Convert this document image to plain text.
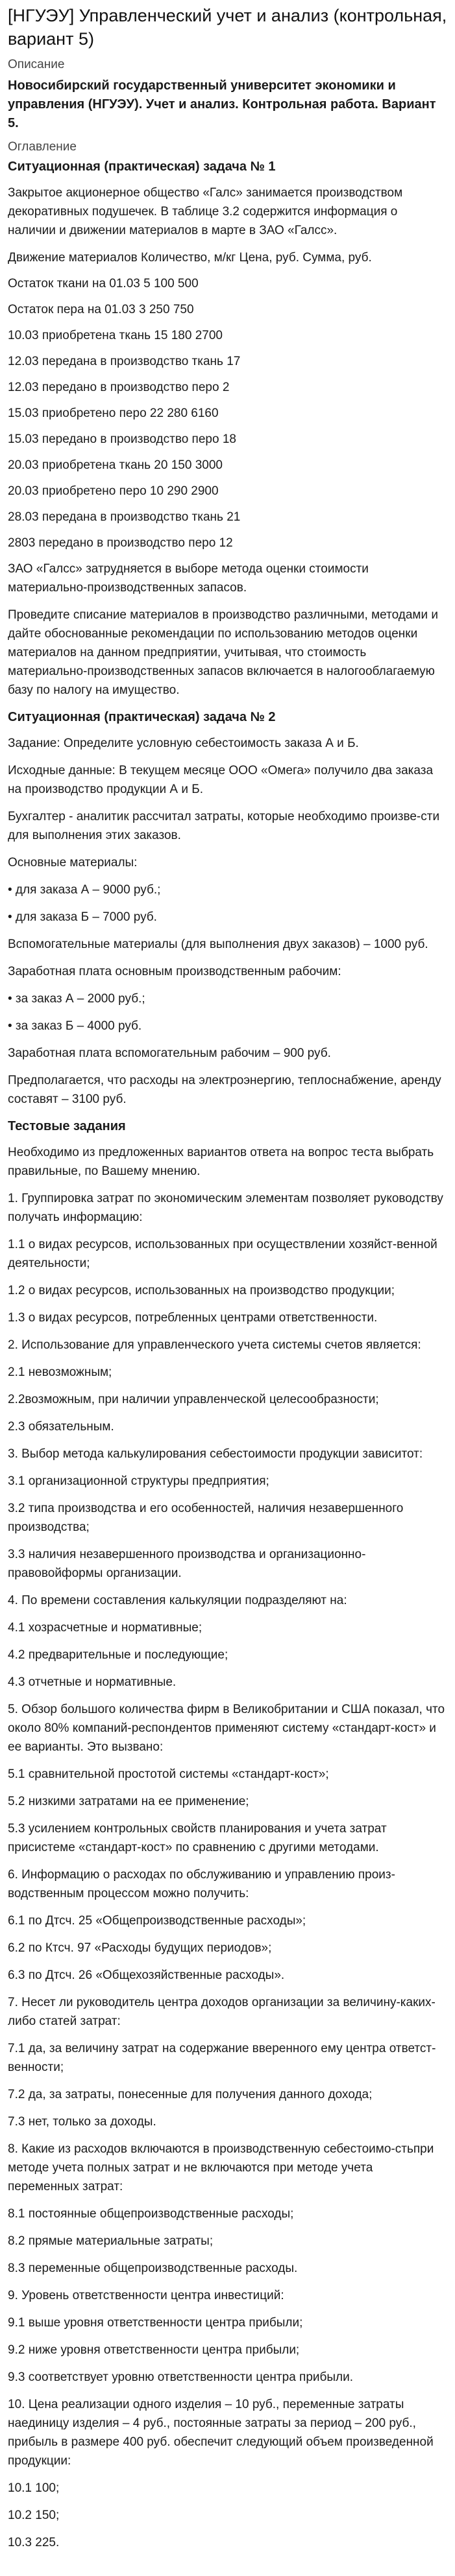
[НГУЭУ] Управленческий учет и анализ (контрольная, вариант 5)
Описание
Новосибирский государственный университет экономики и управления (НГУЭУ). Учет и анализ. Контрольная работа. Вариант 5.
Оглавление
Ситуационная (практическая) задача № 1

Закрытое акционерное общество «Галс» занимается производством декоративных подушечек. В таблице 3.2 содержится информация о наличии и движении материалов в марте в ЗАО «Галсс».

Движение материалов Количество, м/кг Цена, руб. Сумма, руб.

Остаток ткани на 01.03 5 100 500

Остаток пера на 01.03 3 250 750

10.03 приобретена ткань 15 180 2700

12.03 передана в производство ткань 17

12.03 передано в производство перо 2

15.03 приобретено перо 22 280 6160

15.03 передано в производство перо 18

20.03 приобретена ткань 20 150 3000

20.03 приобретено перо 10 290 2900

28.03 передана в производство ткань 21

2803 передано в производство перо 12

ЗАО «Галсс» затрудняется в выборе метода оценки стоимости материально-производственных запасов.

Проведите списание материалов в производство различными, методами и дайте обоснованные рекомендации по использованию методов оценки материалов на данном предприятии, учитывая, что стоимость материально-производственных запасов включается в налогооблагаемую базу по налогу на имущество.

Ситуационная (практическая) задача № 2

Задание: Определите условную себестоимость заказа А и Б.

Исходные данные: В текущем месяце ООО «Омега» получило два заказа на производство продукции А и Б.

Бухгалтер - аналитик рассчитал затраты, которые необходимо произве-сти для выполнения этих заказов.

Основные материалы:

• для заказа А – 9000 руб.;

• для заказа Б – 7000 руб.

Вспомогательные материалы (для выполнения двух заказов) – 1000 руб.

Заработная плата основным производственным рабочим:

• за заказ А – 2000 руб.;

• за заказ Б – 4000 руб.

Заработная плата вспомогательным рабочим – 900 руб.

Предполагается, что расходы на электроэнергию, теплоснабжение, аренду составят – 3100 руб.

Тестовые задания

Необходимо из предложенных вариантов ответа на вопрос теста выбрать правильные, по Вашему мнению.

1. Группировка затрат по экономическим элементам позволяет руководству получать информацию:

1.1 о видах ресурсов, использованных при осуществлении хозяйст-венной деятельности;

1.2 о видах ресурсов, использованных на производство продукции;

1.3 о видах ресурсов, потребленных центрами ответственности.

2. Использование для управленческого учета системы счетов является:

2.1 невозможным;

2.2возможным, при наличии управленческой целесообразности;

2.3 обязательным.

3. Выбор метода калькулирования себестоимости продукции зависитот:

3.1 организационной структуры предприятия;

3.2 типа производства и его особенностей, наличия незавершенного производства;

3.3 наличия незавершенного производства и организационно-правовойформы организации.

4. По времени составления калькуляции подразделяют на:

4.1 хозрасчетные и нормативные;

4.2 предварительные и последующие;

4.3 отчетные и нормативные.

5. Обзор большого количества фирм в Великобритании и США показал, что около 80% компаний-респондентов применяют систему «стандарт-кост» и ее варианты. Это вызвано:

5.1 сравнительной простотой системы «стандарт-кост»;

5.2 низкими затратами на ее применение;

5.3 усилением контрольных свойств планирования и учета затрат присистеме «стандарт-кост» по сравнению с другими методами.

6. Информацию о расходах по обслуживанию и управлению произ-водственным процессом можно получить:

6.1 по Дтсч. 25 «Общепроизводственные расходы»;

6.2 по Ктсч. 97 «Расходы будущих периодов»;

6.3 по Дтсч. 26 «Общехозяйственные расходы».

7. Несет ли руководитель центра доходов организации за величину-каких-либо статей затрат:

7.1 да, за величину затрат на содержание вверенного ему центра ответст-венности;

7.2 да, за затраты, понесенные для получения данного дохода;

7.3 нет, только за доходы.

8. Какие из расходов включаются в производственную себестоимо-стьпри методе учета полных затрат и не включаются при методе учета переменных затрат:

8.1 постоянные общепроизводственные расходы;

8.2 прямые материальные затраты;

8.3 переменные общепроизводственные расходы.

9. Уровень ответственности центра инвестиций:

9.1 выше уровня ответственности центра прибыли;

9.2 ниже уровня ответственности центра прибыли;

9.3 соответствует уровню ответственности центра прибыли.

10. Цена реализации одного изделия – 10 руб., переменные затраты наединицу изделия – 4 руб., постоянные затраты за период – 200 руб., прибыль в размере 400 руб. обеспечит следующий объем произведенной продукции:

10.1 100;

10.2 150;

10.3 225.
